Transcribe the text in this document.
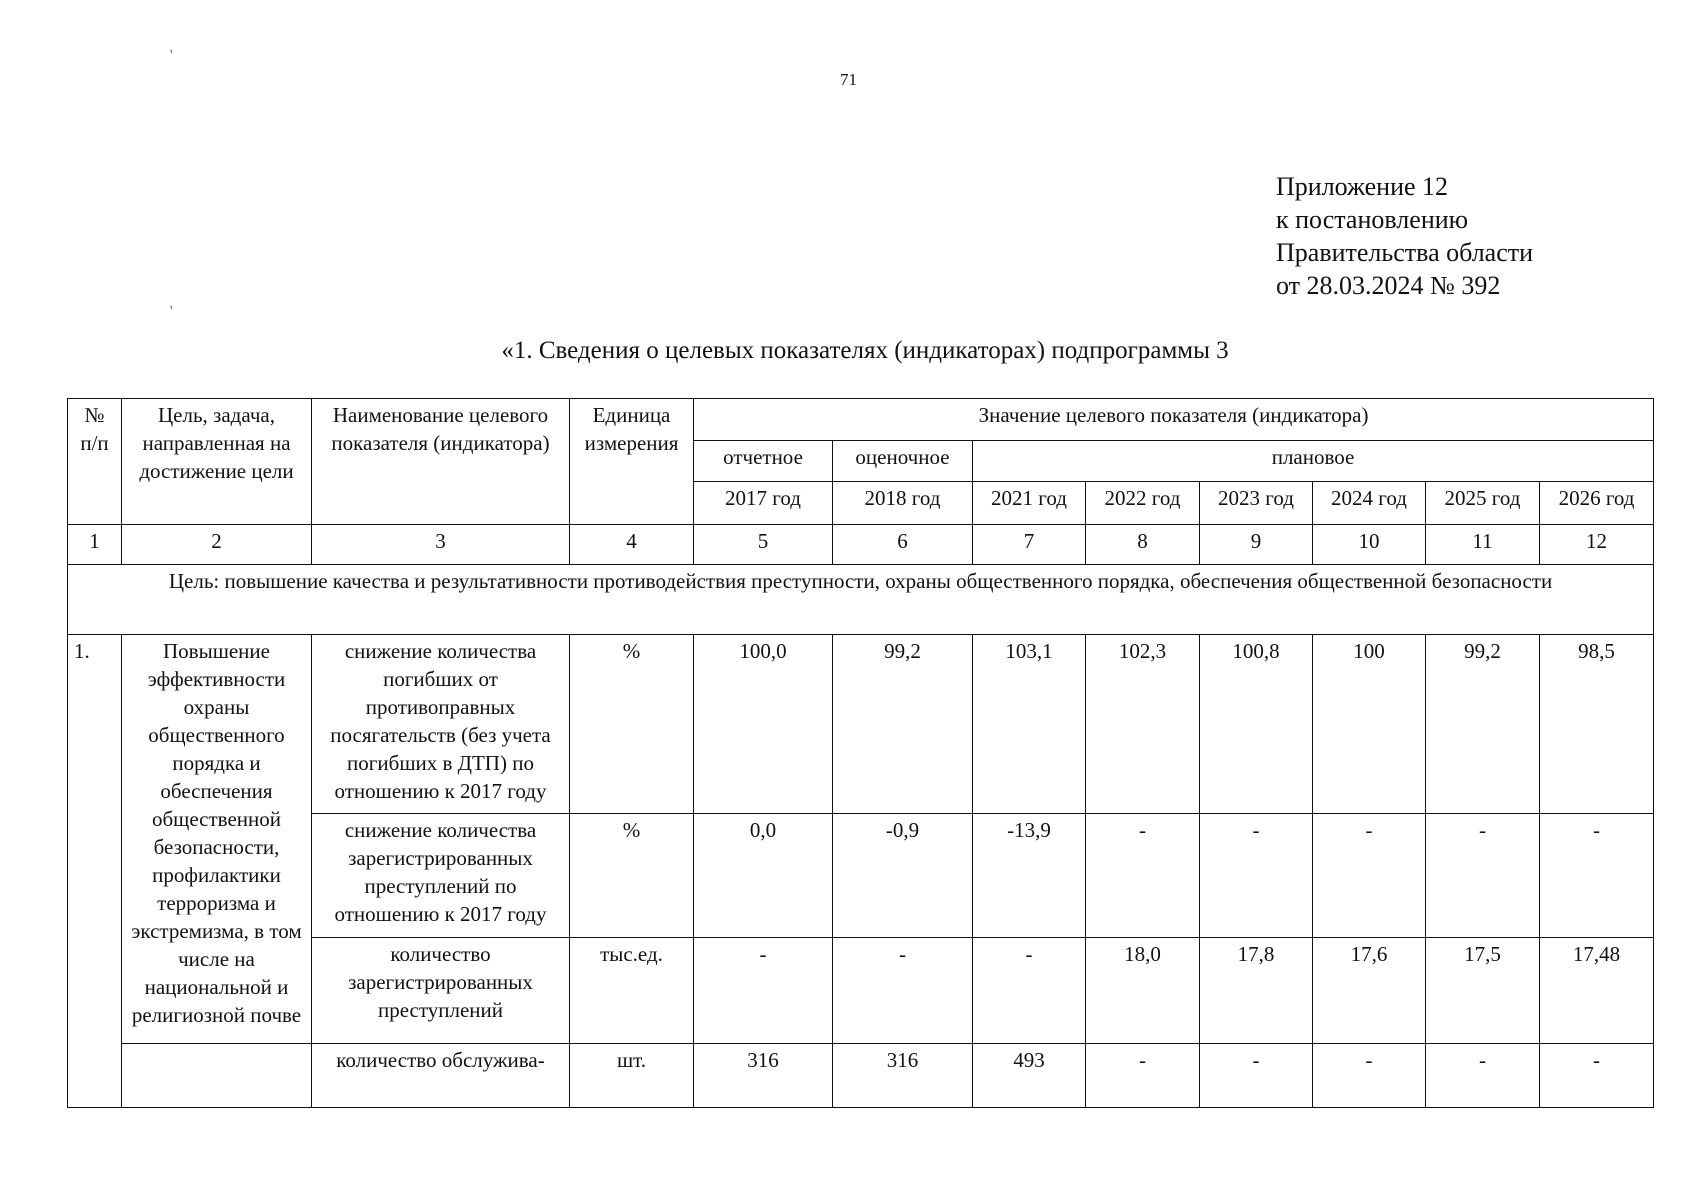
71
Приложение 12
к постановлению
Правительства области
от 28.03.2024 № 392
«1. Сведения о целевых показателях (индикаторах) подпрограммы 3
'
'
№ п/п	Цель, задача, направленная на достижение цели	Наименование целевого показателя (индикатора)	Единица измерения	Значение целевого показателя (индикатора)							
				отчетное	оценочное	плановое					
				2017 год	2018 год	2021 год	2022 год	2023 год	2024 год	2025 год	2026 год
1	2	3	4	5	6	7	8	9	10	11	12
Цель: повышение качества и результативности противодействия преступности, охраны общественного порядка, обеспечения общественной безопасности											
1.	Повышение эффективности охраны общественного порядка и обеспечения общественной безопасности, профилактики терроризма и экстремизма, в том числе на национальной и религиозной почве	снижение количества погибших от противоправных посягательств (без учета погибших в ДТП) по отношению к 2017 году	%	100,0	99,2	103,1	102,3	100,8	100	99,2	98,5
		снижение количества зарегистрированных преступлений по отношению к 2017 году	%	0,0	-0,9	-13,9	-	-	-	-	-
		количество зарегистрированных преступлений	тыс.ед.	-	-	-	18,0	17,8	17,6	17,5	17,48
		количество обслужива-	шт.	316	316	493	-	-	-	-	-
